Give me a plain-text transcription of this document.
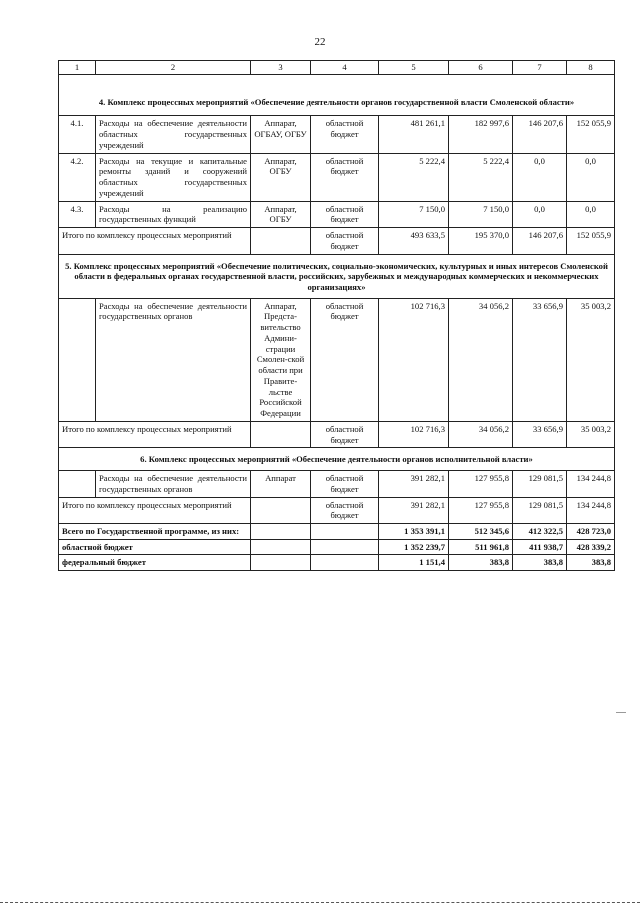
22
1	2	3	4	5	6	7	8
4. Комплекс процессных мероприятий «Обеспечение деятельности органов государственной власти Смоленской области»							
4.1.	Расходы на обеспечение деятельности областных государственных учреждений	Аппарат, ОГБАУ, ОГБУ	областной бюджет	481 261,1	182 997,6	146 207,6	152 055,9
4.2.	Расходы на текущие и капитальные ремонты зданий и сооружений областных государственных учреждений	Аппарат, ОГБУ	областной бюджет	5 222,4	5 222,4	0,0	0,0
4.3.	Расходы на реализацию государственных функций	Аппарат, ОГБУ	областной бюджет	7 150,0	7 150,0	0,0	0,0
Итого по комплексу процессных мероприятий			областной бюджет	493 633,5	195 370,0	146 207,6	152 055,9
5. Комплекс процессных мероприятий «Обеспечение политических, социально-экономических, культурных и иных интересов Смоленской области в федеральных органах государственной власти, российских, зарубежных и международных коммерческих и некоммерческих организациях»							
	Расходы на обеспечение деятельности государственных органов	Аппарат, Предста-вительство Админи-страции Смолен-ской области при Правите-льстве Российской Федерации	областной бюджет	102 716,3	34 056,2	33 656,9	35 003,2
Итого по комплексу процессных мероприятий			областной бюджет	102 716,3	34 056,2	33 656,9	35 003,2
6. Комплекс процессных мероприятий «Обеспечение деятельности органов исполнительной власти»							
	Расходы на обеспечение деятельности государственных органов	Аппарат	областной бюджет	391 282,1	127 955,8	129 081,5	134 244,8
Итого по комплексу процессных мероприятий			областной бюджет	391 282,1	127 955,8	129 081,5	134 244,8
Всего по Государственной программе, из них:				1 353 391,1	512 345,6	412 322,5	428 723,0
областной бюджет				1 352 239,7	511 961,8	411 938,7	428 339,2
федеральный бюджет				1 151,4	383,8	383,8	383,8
